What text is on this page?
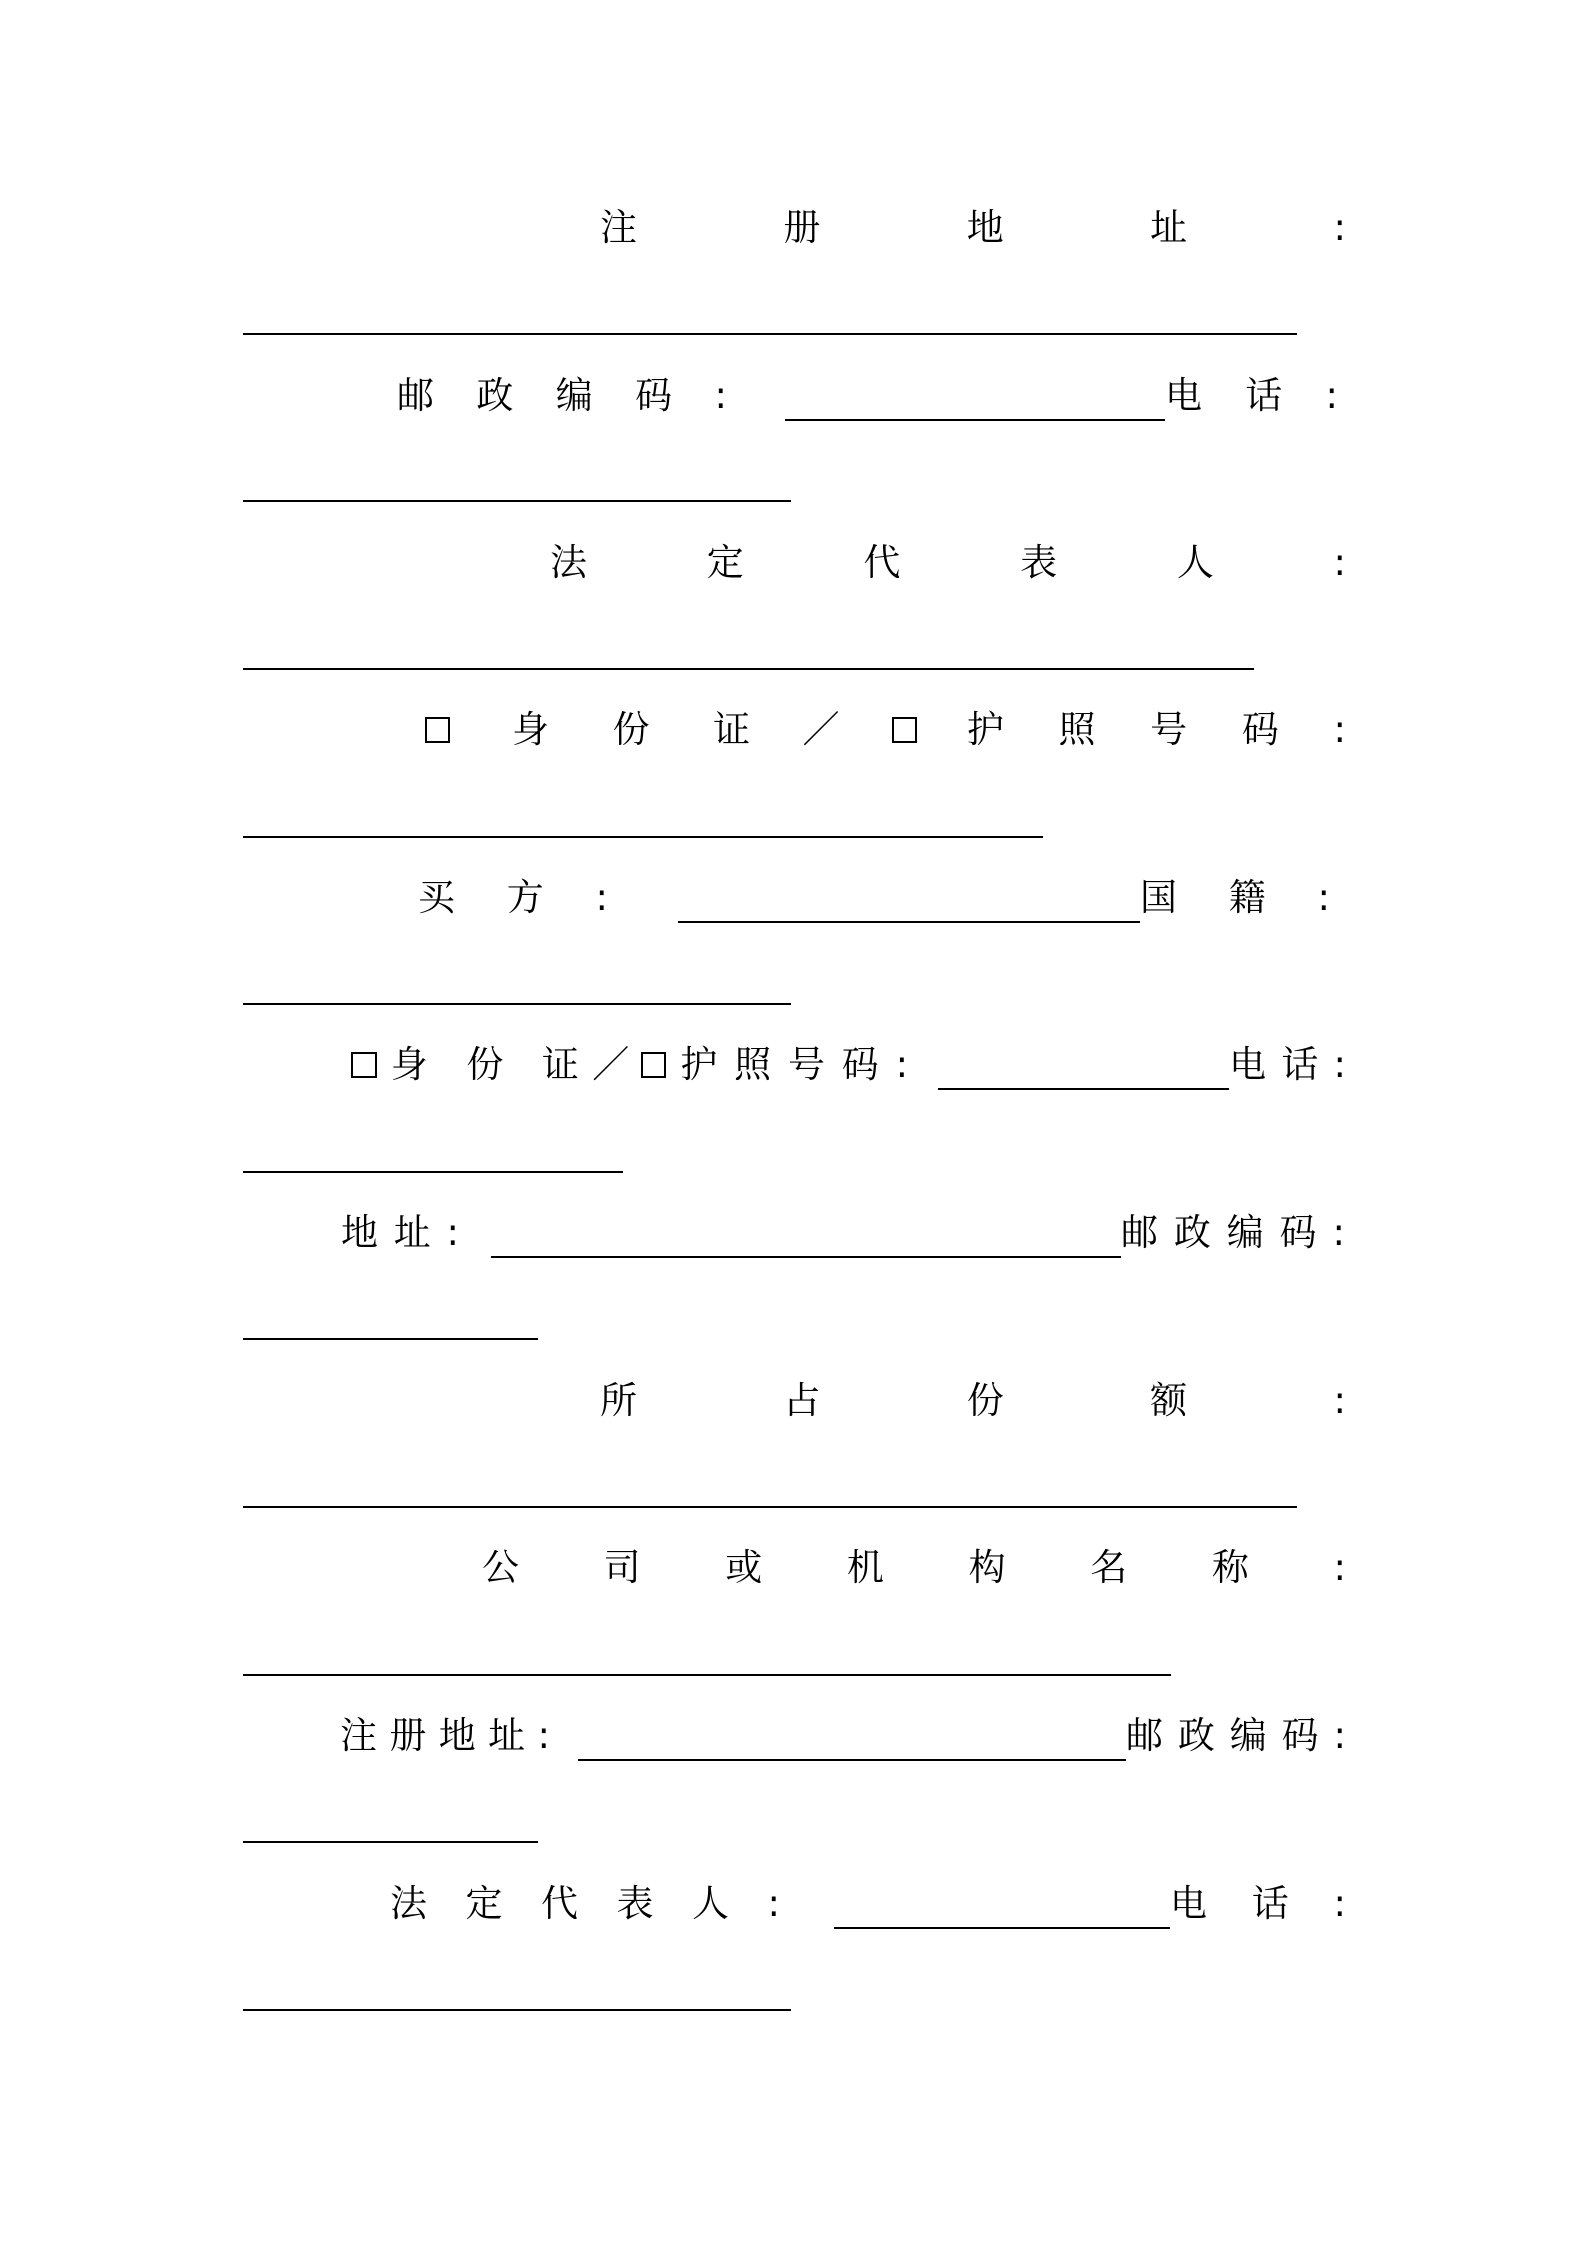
注	册	地	址	:
邮 政 编 码 :	电 话 :
法	定	代	表	人	:
身 份 证 ／	护 照 号 码 :
买 方 :	国 籍 :
身 份 证 ／ 护 照 号 码 :	电 话 :
地 址 :	邮 政 编 码 :
所	占	份	额	:
公 司 或 机 构 名 称 :
注 册 地 址 :	邮 政 编 码 :
法 定 代 表 人 :	电 话 :
